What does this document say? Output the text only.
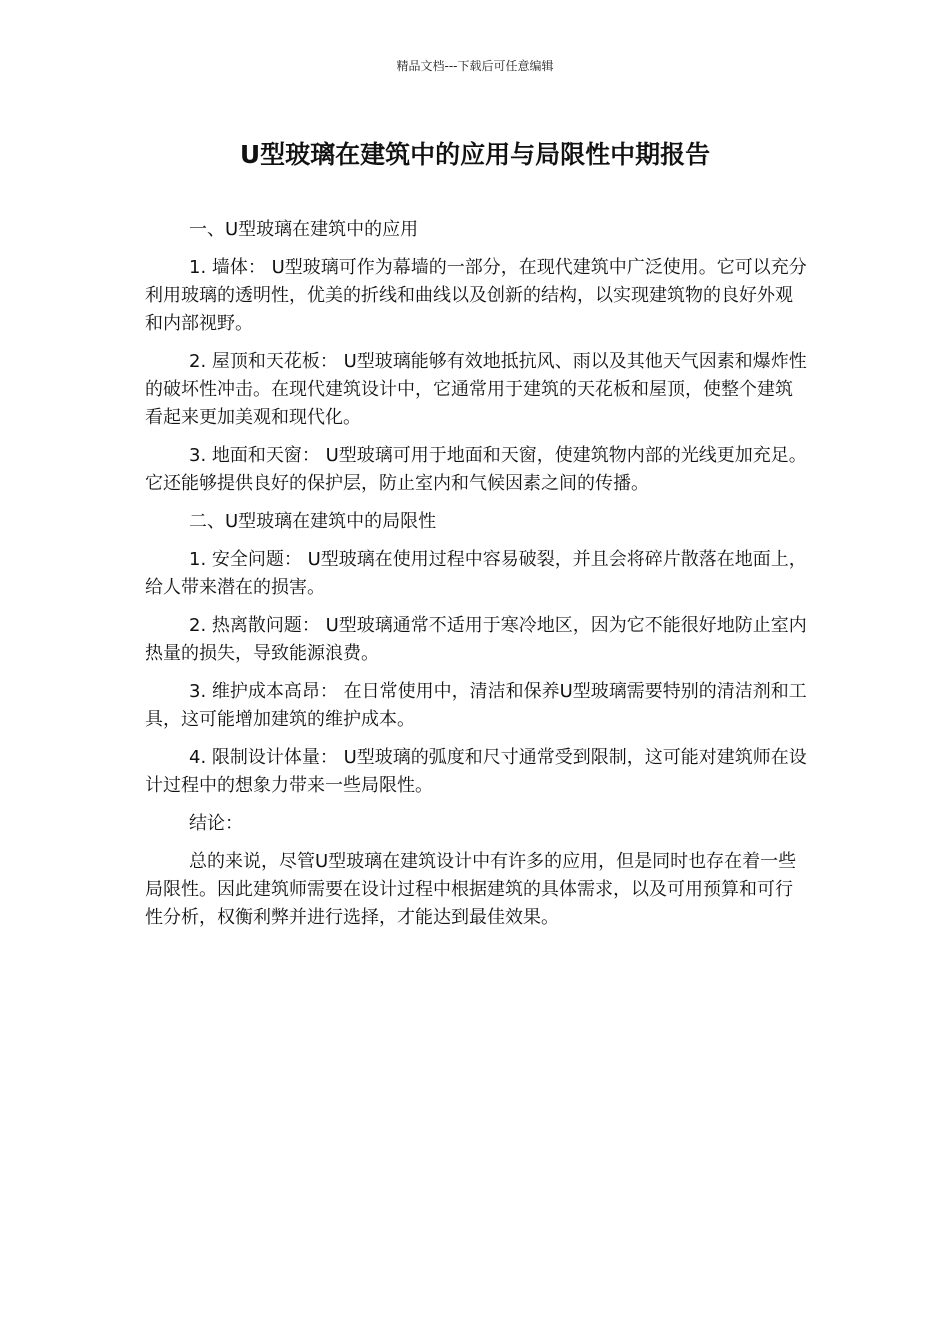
精品文档---下载后可任意编辑
U型玻璃在建筑中的应用与局限性中期报告
一、U型玻璃在建筑中的应用

1. 墙体： U型玻璃可作为幕墙的一部分，在现代建筑中广泛使用。它可以充分利用玻璃的透明性，优美的折线和曲线以及创新的结构，以实现建筑物的良好外观和内部视野。

2. 屋顶和天花板： U型玻璃能够有效地抵抗风、雨以及其他天气因素和爆炸性的破坏性冲击。在现代建筑设计中，它通常用于建筑的天花板和屋顶，使整个建筑看起来更加美观和现代化。

3. 地面和天窗： U型玻璃可用于地面和天窗，使建筑物内部的光线更加充足。它还能够提供良好的保护层，防止室内和气候因素之间的传播。

二、U型玻璃在建筑中的局限性

1. 安全问题： U型玻璃在使用过程中容易破裂，并且会将碎片散落在地面上，给人带来潜在的损害。

2. 热离散问题： U型玻璃通常不适用于寒冷地区，因为它不能很好地防止室内热量的损失，导致能源浪费。

3. 维护成本高昂： 在日常使用中，清洁和保养U型玻璃需要特别的清洁剂和工具，这可能增加建筑的维护成本。

4. 限制设计体量： U型玻璃的弧度和尺寸通常受到限制，这可能对建筑师在设计过程中的想象力带来一些局限性。

结论：

总的来说，尽管U型玻璃在建筑设计中有许多的应用，但是同时也存在着一些局限性。因此建筑师需要在设计过程中根据建筑的具体需求，以及可用预算和可行性分析，权衡利弊并进行选择，才能达到最佳效果。
